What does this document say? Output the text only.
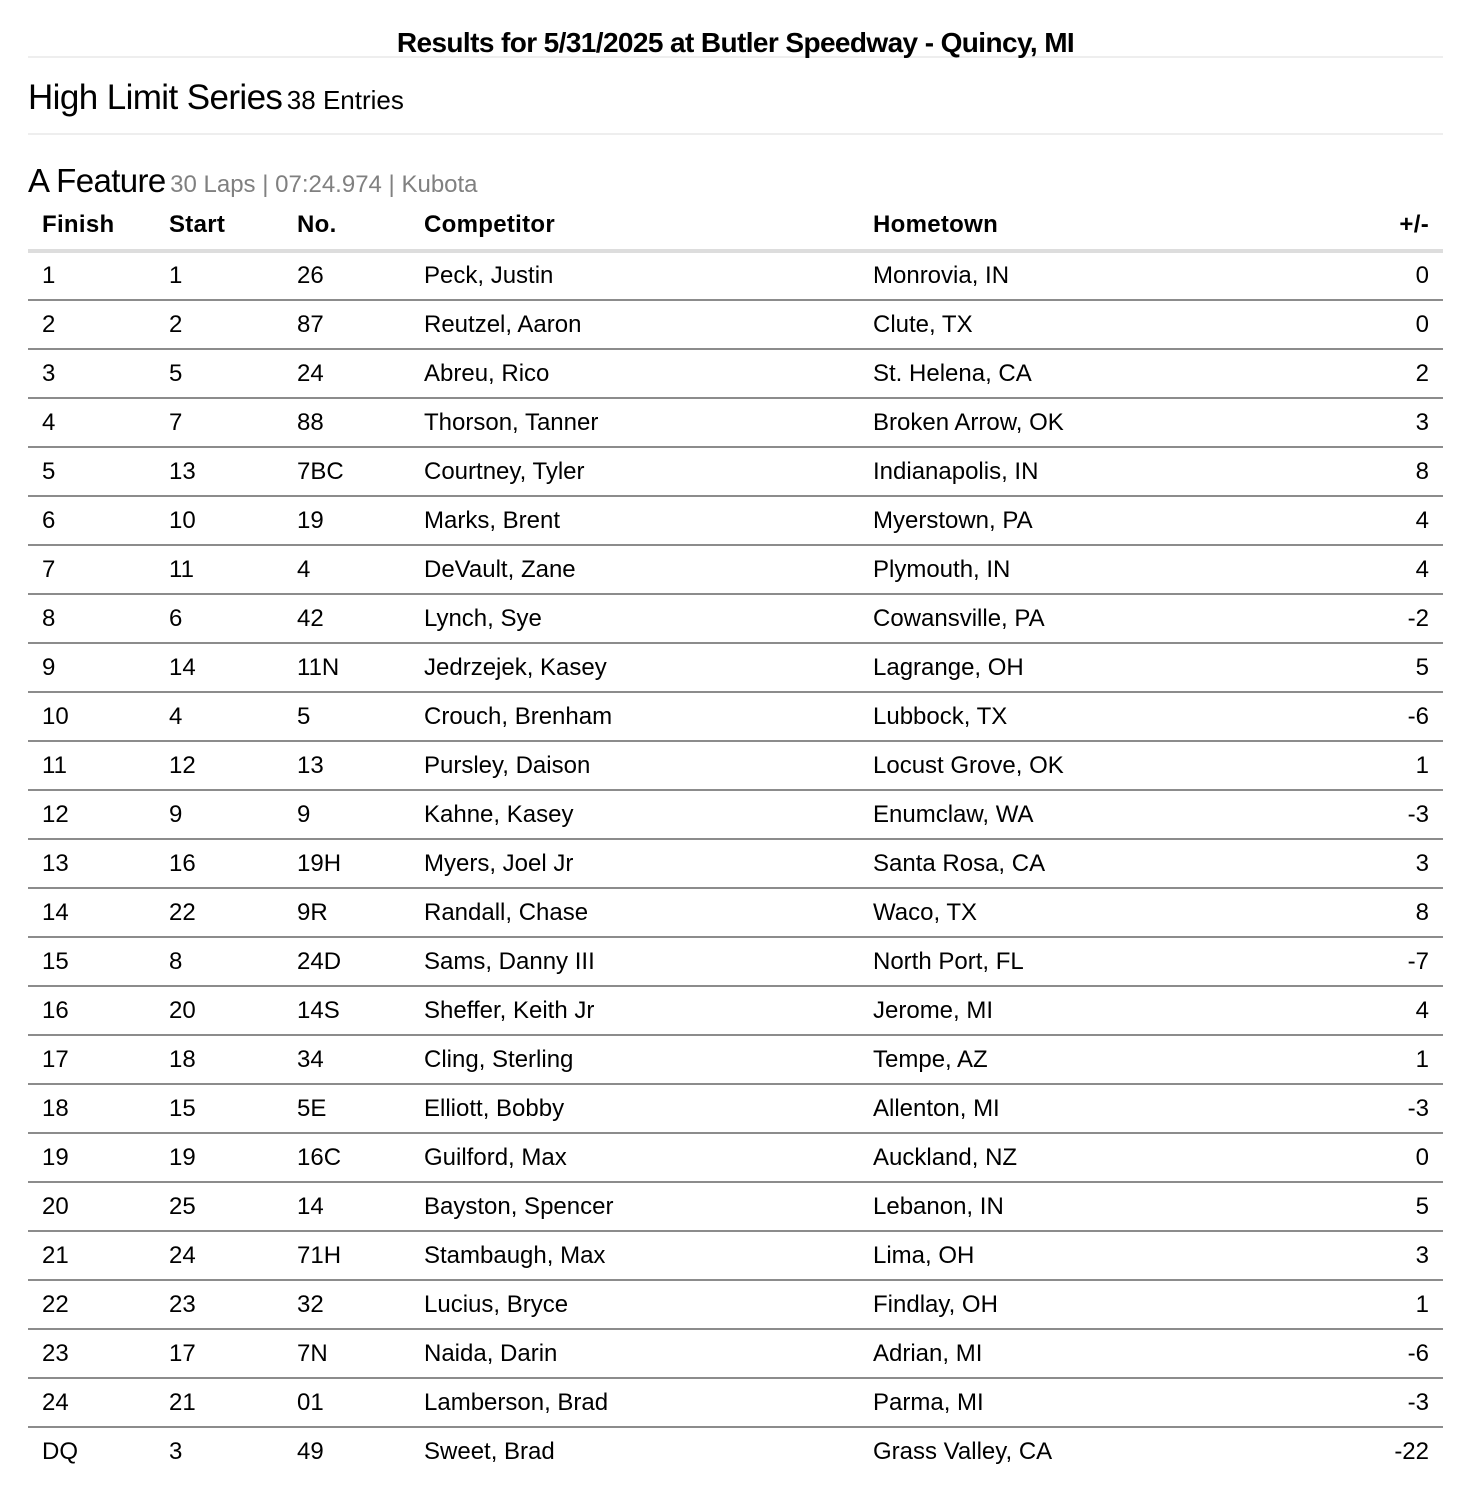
Results for 5/31/2025 at Butler Speedway - Quincy, MI
High Limit Series 38 Entries
A Feature 30 Laps | 07:24.974 | Kubota
Finish	Start	No.	Competitor	Hometown	+/-
1	1	26	Peck, Justin	Monrovia, IN	0
2	2	87	Reutzel, Aaron	Clute, TX	0
3	5	24	Abreu, Rico	St. Helena, CA	2
4	7	88	Thorson, Tanner	Broken Arrow, OK	3
5	13	7BC	Courtney, Tyler	Indianapolis, IN	8
6	10	19	Marks, Brent	Myerstown, PA	4
7	11	4	DeVault, Zane	Plymouth, IN	4
8	6	42	Lynch, Sye	Cowansville, PA	-2
9	14	11N	Jedrzejek, Kasey	Lagrange, OH	5
10	4	5	Crouch, Brenham	Lubbock, TX	-6
11	12	13	Pursley, Daison	Locust Grove, OK	1
12	9	9	Kahne, Kasey	Enumclaw, WA	-3
13	16	19H	Myers, Joel Jr	Santa Rosa, CA	3
14	22	9R	Randall, Chase	Waco, TX	8
15	8	24D	Sams, Danny III	North Port, FL	-7
16	20	14S	Sheffer, Keith Jr	Jerome, MI	4
17	18	34	Cling, Sterling	Tempe, AZ	1
18	15	5E	Elliott, Bobby	Allenton, MI	-3
19	19	16C	Guilford, Max	Auckland, NZ	0
20	25	14	Bayston, Spencer	Lebanon, IN	5
21	24	71H	Stambaugh, Max	Lima, OH	3
22	23	32	Lucius, Bryce	Findlay, OH	1
23	17	7N	Naida, Darin	Adrian, MI	-6
24	21	01	Lamberson, Brad	Parma, MI	-3
DQ	3	49	Sweet, Brad	Grass Valley, CA	-22
